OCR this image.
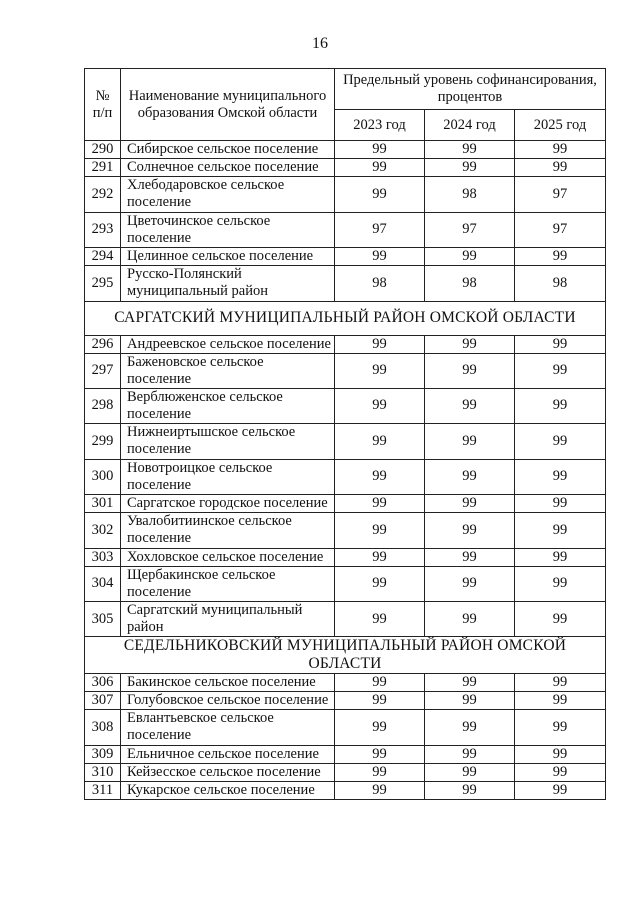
16
№ п/п	Наименование муниципального образования Омской области	Предельный уровень софинансирования, процентов		
		2023 год	2024 год	2025 год
290	Сибирское сельское поселение	99	99	99
291	Солнечное сельское поселение	99	99	99
292	Хлебодаровское сельское поселение	99	98	97
293	Цветочинское сельское поселение	97	97	97
294	Целинное сельское поселение	99	99	99
295	Русско-Полянский муниципальный район	98	98	98
САРГАТСКИЙ МУНИЦИПАЛЬНЫЙ РАЙОН ОМСКОЙ ОБЛАСТИ				
296	Андреевское сельское поселение	99	99	99
297	Баженовское сельское поселение	99	99	99
298	Верблюженское сельское поселение	99	99	99
299	Нижнеиртышское сельское поселение	99	99	99
300	Новотроицкое сельское поселение	99	99	99
301	Саргатское городское поселение	99	99	99
302	Увалобитиинское сельское поселение	99	99	99
303	Хохловское сельское поселение	99	99	99
304	Щербакинское сельское поселение	99	99	99
305	Саргатский муниципальный район	99	99	99
СЕДЕЛЬНИКОВСКИЙ МУНИЦИПАЛЬНЫЙ РАЙОН ОМСКОЙ ОБЛАСТИ				
306	Бакинское сельское поселение	99	99	99
307	Голубовское сельское поселение	99	99	99
308	Евлантьевское сельское поселение	99	99	99
309	Ельничное сельское поселение	99	99	99
310	Кейзесское сельское поселение	99	99	99
311	Кукарское сельское поселение	99	99	99
